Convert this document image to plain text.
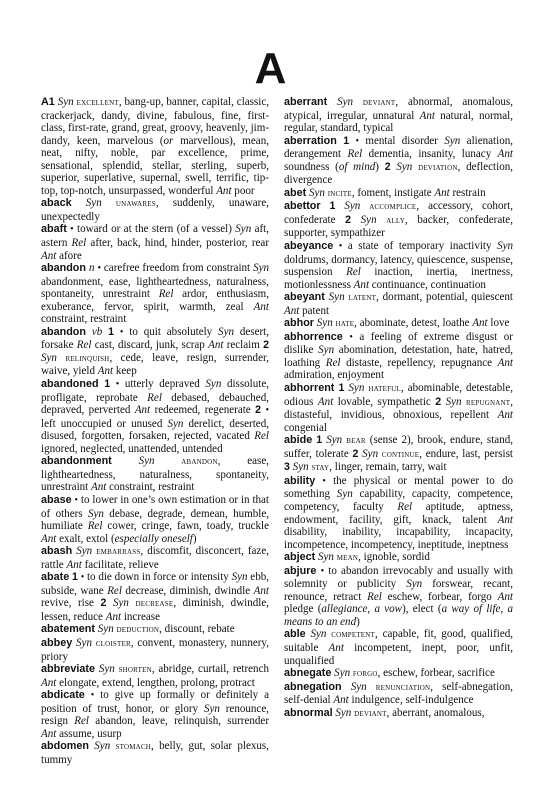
A

A1 Syn excellent, bang-up, banner, capital, classic, crackerjack, dandy, divine, fabulous, fine, first-class, first-rate, grand, great, groovy, heavenly, jim-dandy, keen, marvelous (or marvellous), mean, neat, nifty, noble, par excellence, prime, sensational, splendid, stellar, sterling, superb, superior, superlative, supernal, swell, terrific, tip-top, top-notch, unsurpassed, wonderful Ant poor

aback Syn unawares, suddenly, unaware, unexpectedly

abaft • toward or at the stern (of a vessel) Syn aft, astern Rel after, back, hind, hinder, posterior, rear Ant afore

abandon n • carefree freedom from constraint Syn abandonment, ease, lightheartedness, naturalness, spontaneity, unrestraint Rel ardor, enthusiasm, exuberance, fervor, spirit, warmth, zeal Ant constraint, restraint

abandon vb 1 • to quit absolutely Syn desert, forsake Rel cast, discard, junk, scrap Ant reclaim 2 Syn relinquish, cede, leave, resign, surrender, waive, yield Ant keep

abandoned 1 • utterly depraved Syn dissolute, profligate, reprobate Rel debased, debauched, depraved, perverted Ant redeemed, regenerate 2 • left unoccupied or unused Syn derelict, deserted, disused, forgotten, forsaken, rejected, vacated Rel ignored, neglected, unattended, untended

abandonment Syn	abandon, ease, lightheartedness, naturalness, spontaneity, unrestraint Ant constraint, restraint

abase • to lower in one’s own estimation or in that of others Syn debase, degrade, demean, humble, humiliate Rel cower, cringe, fawn, toady, truckle Ant exalt, extol (especially oneself)

abash Syn embarrass, discomfit, disconcert, faze, rattle Ant facilitate, relieve

abate 1 • to die down in force or intensity Syn ebb, subside, wane Rel decrease, diminish, dwindle Ant revive, rise 2 Syn decrease, diminish, dwindle, lessen, reduce Ant increase

abatement Syn deduction, discount, rebate

abbey Syn cloister, convent, monastery, nunnery, priory

abbreviate Syn shorten, abridge, curtail, retrench Ant elongate, extend, lengthen, prolong, protract

abdicate • to give up formally or definitely a position of trust, honor, or glory Syn renounce, resign Rel abandon, leave, relinquish, surrender Ant assume, usurp

abdomen Syn stomach, belly, gut, solar plexus, tummy

aberrant Syn deviant, abnormal, anomalous, atypical, irregular, unnatural Ant natural, normal, regular, standard, typical

aberration 1 • mental disorder Syn alienation, derangement Rel dementia, insanity, lunacy Ant soundness (of mind) 2 Syn deviation, deflection, divergence

abet Syn incite, foment, instigate Ant restrain

abettor 1 Syn accomplice, accessory, cohort, confederate 2 Syn ally, backer, confederate, supporter, sympathizer

abeyance • a state of temporary inactivity Syn doldrums, dormancy, latency, quiescence, suspense, suspension Rel inaction, inertia, inertness, motionlessness Ant continuance, continuation

abeyant Syn latent, dormant, potential, quiescent Ant patent

abhor Syn hate, abominate, detest, loathe Ant love

abhorrence • a feeling of extreme disgust or dislike Syn abomination, detestation, hate, hatred, loathing Rel distaste, repellency, repugnance Ant admiration, enjoyment

abhorrent 1 Syn hateful, abominable, detestable, odious Ant lovable, sympathetic 2 Syn repugnant, distasteful, invidious, obnoxious, repellent Ant congenial

abide 1 Syn bear (sense 2), brook, endure, stand, suffer, tolerate 2 Syn continue, endure, last, persist 3 Syn stay, linger, remain, tarry, wait

ability • the physical or mental power to do something Syn capability, capacity, competence, competency, faculty Rel aptitude, aptness, endowment, facility, gift, knack, talent Ant disability, inability, incapability, incapacity, incompetence, incompetency, ineptitude, ineptness

abject Syn mean, ignoble, sordid

abjure • to abandon irrevocably and usually with solemnity or publicity Syn forswear, recant, renounce, retract Rel eschew, forbear, forgo Ant pledge (allegiance, a vow), elect (a way of life, a means to an end)

able Syn competent, capable, fit, good, qualified, suitable Ant incompetent, inept, poor, unfit, unqualified

abnegate Syn forgo, eschew, forbear, sacrifice

abnegation Syn renunciation, self-abnegation, self-denial Ant indulgence, self-indulgence

abnormal Syn deviant, aberrant, anomalous,
